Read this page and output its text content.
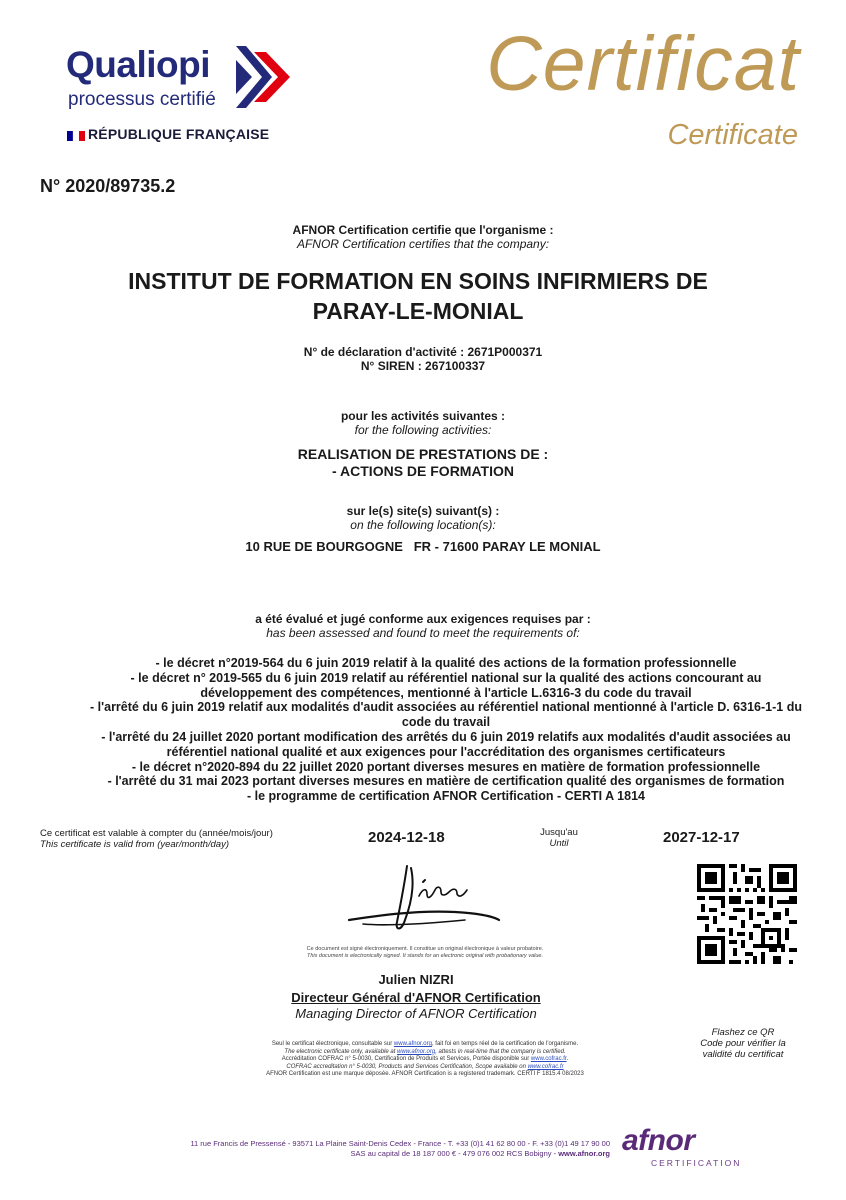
Qualiopi
processus certifié
RÉPUBLIQUE FRANÇAISE
Certificat
Certificate
N° 2020/89735.2
AFNOR Certification certifie que l'organisme :
AFNOR Certification certifies that the company:
INSTITUT DE FORMATION EN SOINS INFIRMIERS DE
PARAY-LE-MONIAL
N° de déclaration d'activité : 2671P000371
N° SIREN : 267100337
pour les activités suivantes :
for the following activities:
REALISATION DE PRESTATIONS DE :
- ACTIONS DE FORMATION
sur le(s) site(s) suivant(s) :
on the following location(s):
10 RUE DE BOURGOGNE   FR - 71600 PARAY LE MONIAL
a été évalué et jugé conforme aux exigences requises par :
has been assessed and found to meet the requirements of:
- le décret n°2019-564 du 6 juin 2019 relatif à la qualité des actions de la formation professionnelle
- le décret n° 2019-565 du 6 juin 2019 relatif au référentiel national sur la qualité des actions concourant au développement des compétences, mentionné à l'article L.6316-3 du code du travail
- l'arrêté du 6 juin 2019 relatif aux modalités d'audit associées au référentiel national mentionné à l'article D. 6316-1-1 du code du travail
- l'arrêté du 24 juillet 2020 portant modification des arrêtés du 6 juin 2019 relatifs aux modalités d'audit associées au référentiel national qualité et aux exigences pour l'accréditation des organismes certificateurs
- le décret n°2020-894 du 22 juillet 2020 portant diverses mesures en matière de formation professionnelle
- l'arrêté du 31 mai 2023 portant diverses mesures en matière de certification qualité des organismes de formation
- le programme de certification AFNOR Certification - CERTI A 1814
Ce certificat est valable à compter du (année/mois/jour)
This certificate is valid from (year/month/day)	2024-12-18	Jusqu'au
Until	2027-12-17
Ce document est signé électroniquement. Il constitue un original électronique à valeur probatoire.
This document is electronically signed. It stands for an electronic original with probationary value.
Julien NIZRI
Directeur Général d'AFNOR Certification
Managing Director of AFNOR Certification
Flashez ce QR
Code pour vérifier la
validité du certificat
Seul le certificat électronique, consultable sur www.afnor.org, fait foi en temps réel de la certification de l'organisme.
The electronic certificate only, available at www.afnor.org, attests in real-time that the company is certified.
Accréditation COFRAC n° 5-0030, Certification de Produits et Services, Portée disponible sur www.cofrac.fr.
COFRAC accreditation n° 5-0030, Products and Services Certification, Scope available on www.cofrac.fr
AFNOR Certification est une marque déposée. AFNOR Certification is a registered trademark. CERTI F 1815.4 08/2023
11 rue Francis de Pressensé - 93571 La Plaine Saint-Denis Cedex - France - T. +33 (0)1 41 62 80 00 - F. +33 (0)1 49 17 90 00
SAS au capital de 18 187 000 € - 479 076 002 RCS Bobigny - www.afnor.org afnor
CERTIFICATION
